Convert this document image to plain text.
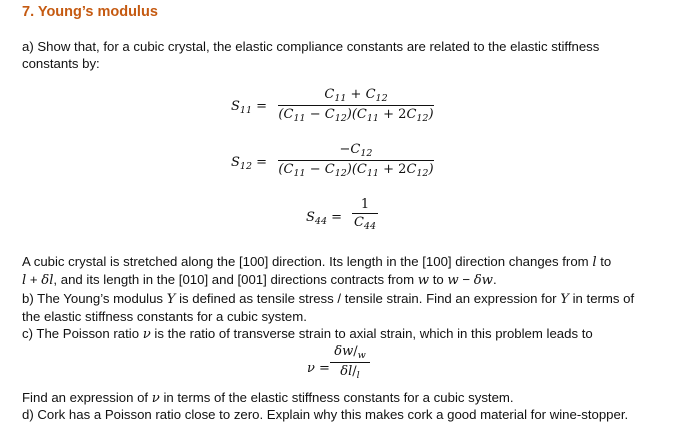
7. Young’s modulus
a) Show that, for a cubic crystal, the elastic compliance constants are related to the elastic stiffness
constants by:
$S_{11}$ =
$C_{11} + C_{12}$
$(C_{11} - C_{12})(C_{11} + 2C_{12})$
$S_{12}$ =
$-C_{12}$
$(C_{11} - C_{12})(C_{11} + 2C_{12})$
$S_{44}$ =
1
$C_{44}$
A cubic crystal is stretched along the [100] direction. Its length in the [100] direction changes from l to
l + δl, and its length in the [010] and [001] directions contracts from w to w − δw.
b) The Young’s modulus Y is defined as tensile stress / tensile strain. Find an expression for Y in terms of
the elastic stiffness constants for a cubic system.
c) The Poisson ratio ν is the ratio of transverse strain to axial strain, which in this problem leads to
ν =
$\delta w/_w$
$\delta l/_l$
Find an expression of ν in terms of the elastic stiffness constants for a cubic system.
d) Cork has a Poisson ratio close to zero. Explain why this makes cork a good material for wine-stopper.
